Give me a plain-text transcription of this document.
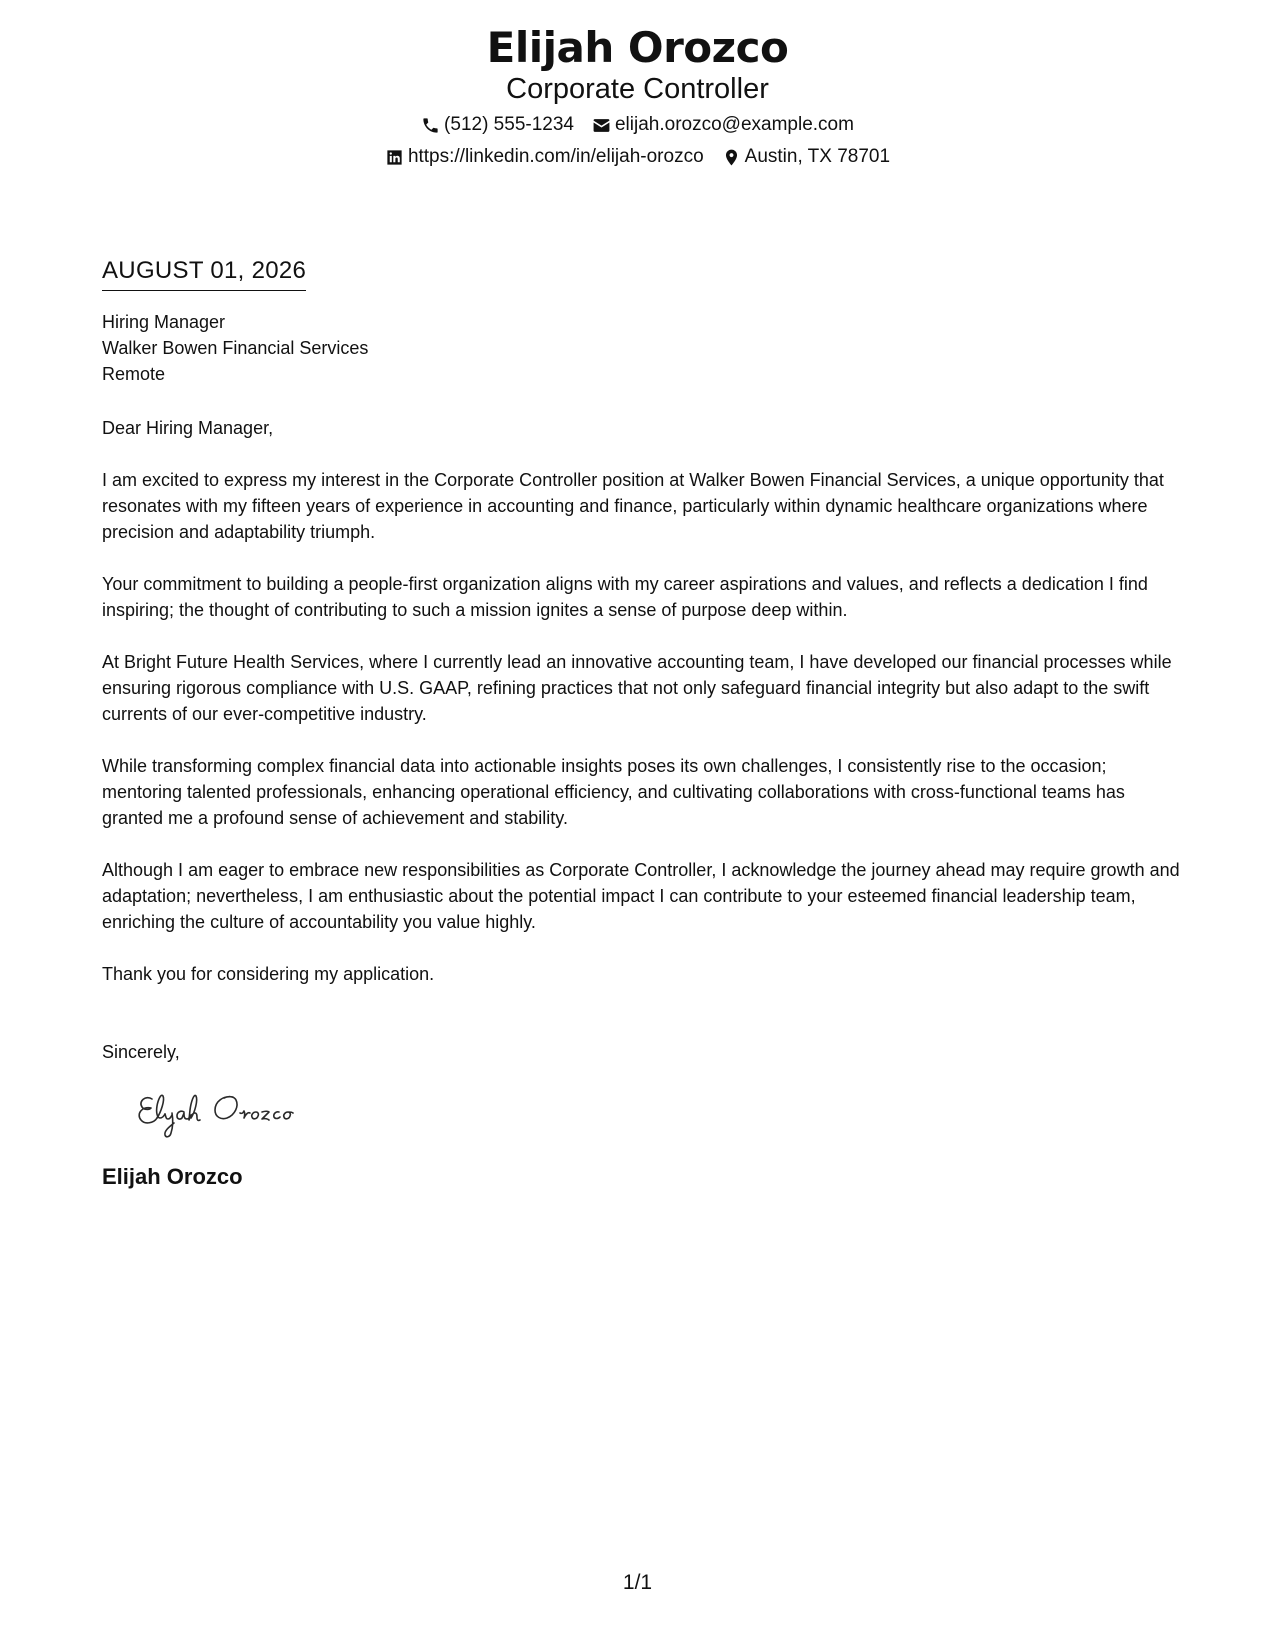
Elijah Orozco
Corporate Controller
(512) 555-1234 elijah.orozco@example.com
https://linkedin.com/in/elijah-orozco Austin, TX 78701
AUGUST 01, 2026
Hiring Manager
Walker Bowen Financial Services
Remote
Dear Hiring Manager,
I am excited to express my interest in the Corporate Controller position at Walker Bowen Financial Services, a unique opportunity that resonates with my fifteen years of experience in accounting and finance, particularly within dynamic healthcare organizations where precision and adaptability triumph.
Your commitment to building a people-first organization aligns with my career aspirations and values, and reflects a dedication I find inspiring; the thought of contributing to such a mission ignites a sense of purpose deep within.
At Bright Future Health Services, where I currently lead an innovative accounting team, I have developed our financial processes while ensuring rigorous compliance with U.S. GAAP, refining practices that not only safeguard financial integrity but also adapt to the swift currents of our ever-competitive industry.
While transforming complex financial data into actionable insights poses its own challenges, I consistently rise to the occasion; mentoring talented professionals, enhancing operational efficiency, and cultivating collaborations with cross-functional teams has granted me a profound sense of achievement and stability.
Although I am eager to embrace new responsibilities as Corporate Controller, I acknowledge the journey ahead may require growth and adaptation; nevertheless, I am enthusiastic about the potential impact I can contribute to your esteemed financial leadership team, enriching the culture of accountability you value highly.
Thank you for considering my application.
Sincerely,
Elijah Orozco
1/1
